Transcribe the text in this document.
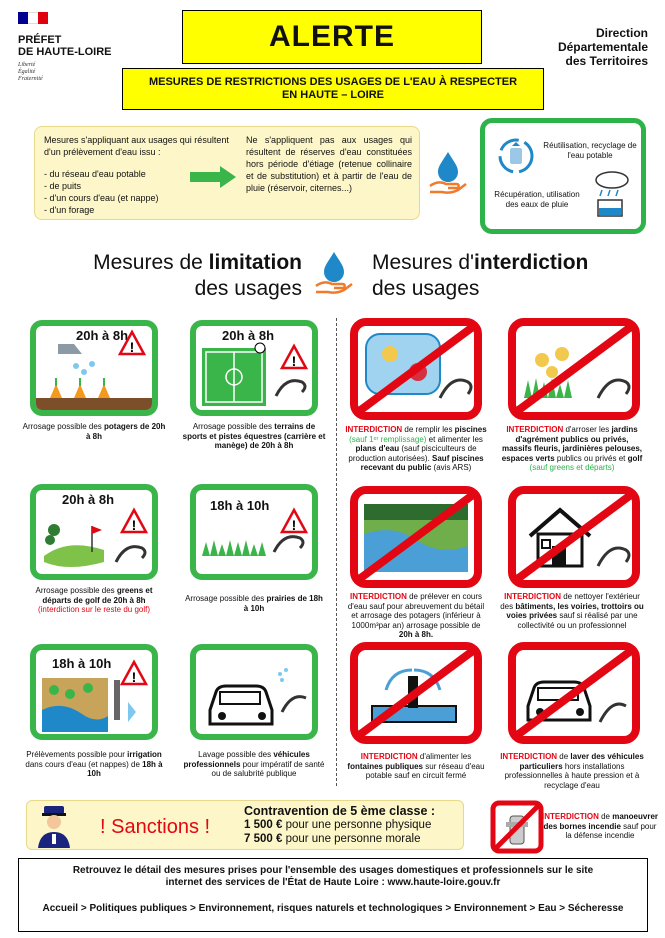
PRÉFET
DE HAUTE-LOIRE
Liberté
Égalité
Fraternité
ALERTE
MESURES DE RESTRICTIONS DES USAGES DE L'EAU À RESPECTER
EN HAUTE – LOIRE
Direction
Départementale
des Territoires
Mesures s'appliquant aux usages qui résultent d'un prélèvement d'eau issu :
- du réseau d'eau potable
- de puits
- d'un cours d'eau (et nappe)
- d'un forage
Ne s'appliquent pas aux usages qui résultent de réserves d'eau constituées hors période d'étiage (retenue collinaire et de substitution) et à partir de l'eau de pluie (réservoir, citernes...)
Réutilisation, recyclage de l'eau potable
Récupération, utilisation des eaux de pluie
Mesures de limitation
des usages
Mesures d'interdiction
des usages
20h à 8h
!
Arrosage possible des potagers de 20h à 8h
20h à 8h
!
Arrosage possible des terrains de sports et pistes équestres (carrière et manège) de 20h à 8h
20h à 8h
!
Arrosage possible des greens et départs de golf de 20h à 8h
(interdiction sur le reste du golf)
18h à 10h
!
Arrosage possible des prairies de 18h à 10h
18h à 10h
!
Prélèvements possible pour irrigation dans cours d'eau (et nappes) de 18h à 10h
Lavage possible des véhicules professionnels pour impératif de santé ou de salubrité publique
INTERDICTION de remplir les piscines (sauf 1ᵉʳ remplissage) et alimenter les plans d'eau (sauf pisciculteurs de production autorisées). Sauf piscines recevant du public (avis ARS)
INTERDICTION d'arroser les jardins d'agrément publics ou privés, massifs fleuris, jardinières pelouses, espaces verts publics ou privés et golf
(sauf greens et départs)
INTERDICTION de prélever en cours d'eau sauf pour abreuvement du bétail et arrosage des potagers (inférieur à 1000m³par an) arrosage possible de 20h à 8h.
INTERDICTION de nettoyer l'extérieur des bâtiments, les voiries, trottoirs ou voies privées sauf si réalisé par une collectivité ou un professionnel
INTERDICTION d'alimenter les fontaines publiques sur réseau d'eau potable sauf en circuit fermé
INTERDICTION de laver des véhicules particuliers hors installations professionnelles à haute pression et à recyclage d'eau
! Sanctions !
Contravention de 5 ème classe :
1 500 € pour une personne physique
7 500 € pour une personne morale
INTERDICTION de manoeuvrer des bornes incendie sauf pour la défense incendie
Retrouvez le détail des mesures prises pour l'ensemble des usages domestiques et professionnels sur le site
internet des services de l'État de Haute Loire : www.haute-loire.gouv.fr
Accueil > Politiques publiques > Environnement, risques naturels et technologiques > Environnement > Eau > Sécheresse
